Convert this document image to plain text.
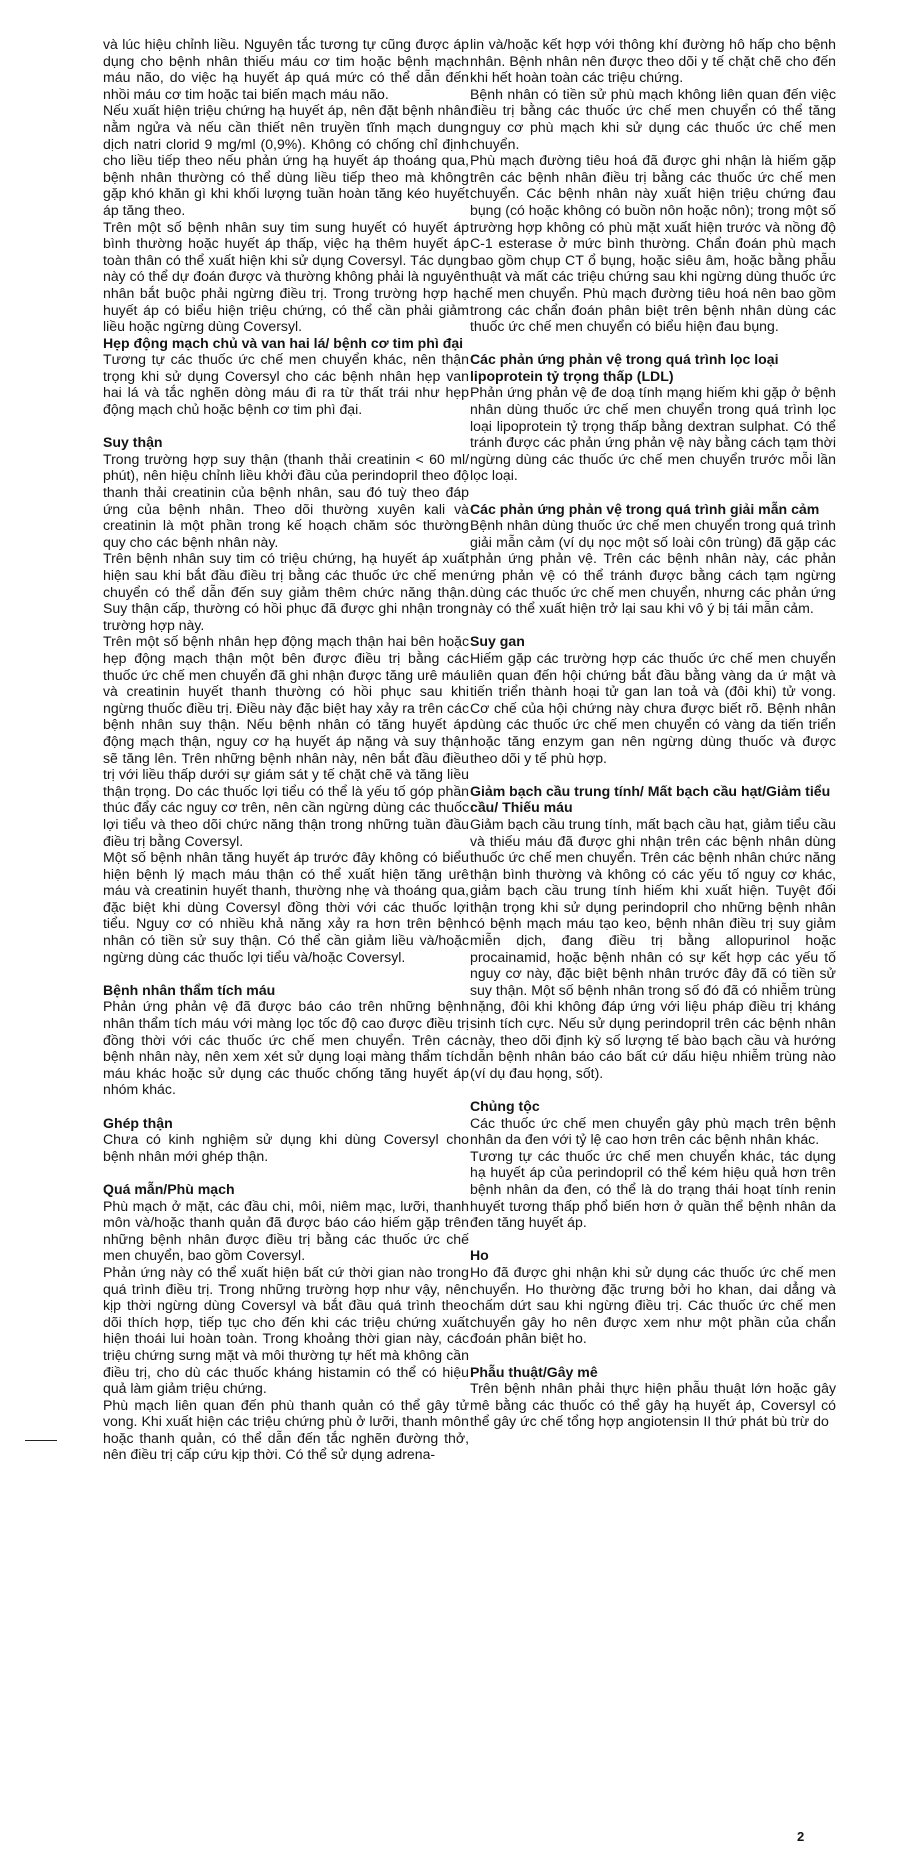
và lúc hiệu chỉnh liều. Nguyên tắc tương tự cũng được áp dụng cho bệnh nhân thiếu máu cơ tim hoặc bệnh mạch máu não, do việc hạ huyết áp quá mức có thể dẫn đến nhồi máu cơ tim hoặc tai biến mạch máu não.

Nếu xuất hiện triệu chứng hạ huyết áp, nên đặt bệnh nhân nằm ngửa và nếu cần thiết nên truyền tĩnh mạch dung dịch natri clorid 9 mg/ml (0,9%). Không có chống chỉ định cho liều tiếp theo nếu phản ứng hạ huyết áp thoáng qua, bệnh nhân thường có thể dùng liều tiếp theo mà không gặp khó khăn gì khi khối lượng tuần hoàn tăng kéo huyết áp tăng theo.

Trên một số bệnh nhân suy tim sung huyết có huyết áp bình thường hoặc huyết áp thấp, việc hạ thêm huyết áp toàn thân có thể xuất hiện khi sử dụng Coversyl. Tác dụng này có thể dự đoán được và thường không phải là nguyên nhân bắt buộc phải ngừng điều trị. Trong trường hợp hạ huyết áp có biểu hiện triệu chứng, có thể cần phải giảm liều hoặc ngừng dùng Coversyl.

Hẹp động mạch chủ và van hai lá/ bệnh cơ tim phì đại

Tương tự các thuốc ức chế men chuyển khác, nên thận trọng khi sử dụng Coversyl cho các bệnh nhân hẹp van hai lá và tắc nghẽn dòng máu đi ra từ thất trái như hẹp động mạch chủ hoặc bệnh cơ tim phì đại.

Suy thận

Trong trường hợp suy thận (thanh thải creatinin < 60 ml/ phút), nên hiệu chỉnh liều khởi đầu của perindopril theo độ thanh thải creatinin của bệnh nhân, sau đó tuỳ theo đáp ứng của bệnh nhân. Theo dõi thường xuyên kali và creatinin là một phần trong kế hoạch chăm sóc thường quy cho các bệnh nhân này.

Trên bệnh nhân suy tim có triệu chứng, hạ huyết áp xuất hiện sau khi bắt đầu điều trị bằng các thuốc ức chế men chuyển có thể dẫn đến suy giảm thêm chức năng thận. Suy thận cấp, thường có hồi phục đã được ghi nhận trong trường hợp này.

Trên một số bệnh nhân hẹp động mạch thận hai bên hoặc hẹp động mạch thận một bên được điều trị bằng các thuốc ức chế men chuyển đã ghi nhận được tăng urê máu và creatinin huyết thanh thường có hồi phục sau khi ngừng thuốc điều trị. Điều này đặc biệt hay xảy ra trên các bệnh nhân suy thận. Nếu bệnh nhân có tăng huyết áp động mạch thận, nguy cơ hạ huyết áp nặng và suy thận sẽ tăng lên. Trên những bệnh nhân này, nên bắt đầu điều trị với liều thấp dưới sự giám sát y tế chặt chẽ và tăng liều thận trọng. Do các thuốc lợi tiểu có thể là yếu tố góp phần thúc đẩy các nguy cơ trên, nên cần ngừng dùng các thuốc lợi tiểu và theo dõi chức năng thận trong những tuần đầu điều trị bằng Coversyl.

Một số bệnh nhân tăng huyết áp trước đây không có biểu hiện bệnh lý mạch máu thận có thể xuất hiện tăng urê máu và creatinin huyết thanh, thường nhẹ và thoáng qua, đặc biệt khi dùng Coversyl đồng thời với các thuốc lợi tiểu. Nguy cơ có nhiều khả năng xảy ra hơn trên bệnh nhân có tiền sử suy thận. Có thể cần giảm liều và/hoặc ngừng dùng các thuốc lợi tiểu và/hoặc Coversyl.

Bệnh nhân thẩm tích máu

Phản ứng phản vệ đã được báo cáo trên những bệnh nhân thẩm tích máu với màng lọc tốc độ cao được điều trị đồng thời với các thuốc ức chế men chuyển. Trên các bệnh nhân này, nên xem xét sử dụng loại màng thẩm tích máu khác hoặc sử dụng các thuốc chống tăng huyết áp nhóm khác.

Ghép thận

Chưa có kinh nghiệm sử dụng khi dùng Coversyl cho bệnh nhân mới ghép thận.

Quá mẫn/Phù mạch

Phù mạch ở mặt, các đầu chi, môi, niêm mạc, lưỡi, thanh môn và/hoặc thanh quản đã được báo cáo hiếm gặp trên những bệnh nhân được điều trị bằng các thuốc ức chế men chuyển, bao gồm Coversyl.

Phản ứng này có thể xuất hiện bất cứ thời gian nào trong quá trình điều trị. Trong những trường hợp như vậy, nên kịp thời ngừng dùng Coversyl và bắt đầu quá trình theo dõi thích hợp, tiếp tục cho đến khi các triệu chứng xuất hiện thoái lui hoàn toàn. Trong khoảng thời gian này, các triệu chứng sưng mặt và môi thường tự hết mà không cần điều trị, cho dù các thuốc kháng histamin có thể có hiệu quả làm giảm triệu chứng.

Phù mạch liên quan đến phù thanh quản có thể gây tử vong. Khi xuất hiện các triệu chứng phù ở lưỡi, thanh môn hoặc thanh quản, có thể dẫn đến tắc nghẽn đường thở, nên điều trị cấp cứu kịp thời. Có thể sử dụng adrena-

lin và/hoặc kết hợp với thông khí đường hô hấp cho bệnh nhân. Bệnh nhân nên được theo dõi y tế chặt chẽ cho đến khi hết hoàn toàn các triệu chứng.

Bệnh nhân có tiền sử phù mạch không liên quan đến việc điều trị bằng các thuốc ức chế men chuyển có thể tăng nguy cơ phù mạch khi sử dụng các thuốc ức chế men chuyển.

Phù mạch đường tiêu hoá đã được ghi nhận là hiếm gặp trên các bệnh nhân điều trị bằng các thuốc ức chế men chuyển. Các bệnh nhân này xuất hiện triệu chứng đau bụng (có hoặc không có buồn nôn hoặc nôn); trong một số trường hợp không có phù mặt xuất hiện trước và nồng độ C-1 esterase ở mức bình thường. Chẩn đoán phù mạch bao gồm chụp CT ổ bụng, hoặc siêu âm, hoặc bằng phẫu thuật và mất các triệu chứng sau khi ngừng dùng thuốc ức chế men chuyển. Phù mạch đường tiêu hoá nên bao gồm trong các chẩn đoán phân biệt trên bệnh nhân dùng các thuốc ức chế men chuyển có biểu hiện đau bụng.

Các phản ứng phản vệ trong quá trình lọc loại lipoprotein tỷ trọng thấp (LDL)

Phản ứng phản vệ đe doạ tính mạng hiếm khi gặp ở bệnh nhân dùng thuốc ức chế men chuyển trong quá trình lọc loại lipoprotein tỷ trọng thấp bằng dextran sulphat. Có thể tránh được các phản ứng phản vệ này bằng cách tạm thời ngừng dùng các thuốc ức chế men chuyển trước mỗi lần lọc loại.

Các phản ứng phản vệ trong quá trình giải mẫn cảm

Bệnh nhân dùng thuốc ức chế men chuyển trong quá trình giải mẫn cảm (ví dụ nọc một số loài côn trùng) đã gặp các phản ứng phản vệ. Trên các bệnh nhân này, các phản ứng phản vệ có thể tránh được bằng cách tạm ngừng dùng các thuốc ức chế men chuyển, nhưng các phản ứng này có thể xuất hiện trở lại sau khi vô ý bị tái mẫn cảm.

Suy gan

Hiếm gặp các trường hợp các thuốc ức chế men chuyển liên quan đến hội chứng bắt đầu bằng vàng da ứ mật và tiến triển thành hoại tử gan lan toả và (đôi khi) tử vong. Cơ chế của hội chứng này chưa được biết rõ. Bệnh nhân dùng các thuốc ức chế men chuyển có vàng da tiến triển hoặc tăng enzym gan nên ngừng dùng thuốc và được theo dõi y tế phù hợp.

Giảm bạch cầu trung tính/ Mất bạch cầu hạt/Giảm tiểu cầu/ Thiếu máu

Giảm bạch cầu trung tính, mất bạch cầu hạt, giảm tiểu cầu và thiếu máu đã được ghi nhận trên các bệnh nhân dùng thuốc ức chế men chuyển. Trên các bệnh nhân chức năng thận bình thường và không có các yếu tố nguy cơ khác, giảm bạch cầu trung tính hiếm khi xuất hiện. Tuyệt đối thận trọng khi sử dụng perindopril cho những bệnh nhân có bệnh mạch máu tạo keo, bệnh nhân điều trị suy giảm miễn dịch, đang điều trị bằng allopurinol hoặc procainamid, hoặc bệnh nhân có sự kết hợp các yếu tố nguy cơ này, đặc biệt bệnh nhân trước đây đã có tiền sử suy thận. Một số bệnh nhân trong số đó đã có nhiễm trùng nặng, đôi khi không đáp ứng với liệu pháp điều trị kháng sinh tích cực. Nếu sử dụng perindopril trên các bệnh nhân này, theo dõi định kỳ số lượng tế bào bạch cầu và hướng dẫn bệnh nhân báo cáo bất cứ dấu hiệu nhiễm trùng nào (ví dụ đau họng, sốt).

Chủng tộc

Các thuốc ức chế men chuyển gây phù mạch trên bệnh nhân da đen với tỷ lệ cao hơn trên các bệnh nhân khác.

Tương tự các thuốc ức chế men chuyển khác, tác dụng hạ huyết áp của perindopril có thể kém hiệu quả hơn trên bệnh nhân da đen, có thể là do trạng thái hoạt tính renin huyết tương thấp phổ biến hơn ở quần thể bệnh nhân da đen tăng huyết áp.

Ho

Ho đã được ghi nhận khi sử dụng các thuốc ức chế men chuyển. Ho thường đặc trưng bởi ho khan, dai dẳng và chấm dứt sau khi ngừng điều trị. Các thuốc ức chế men chuyển gây ho nên được xem như một phần của chẩn đoán phân biệt ho.

Phẫu thuật/Gây mê

Trên bệnh nhân phải thực hiện phẫu thuật lớn hoặc gây mê bằng các thuốc có thể gây hạ huyết áp, Coversyl có thể gây ức chế tổng hợp angiotensin II thứ phát bù trừ do

2
